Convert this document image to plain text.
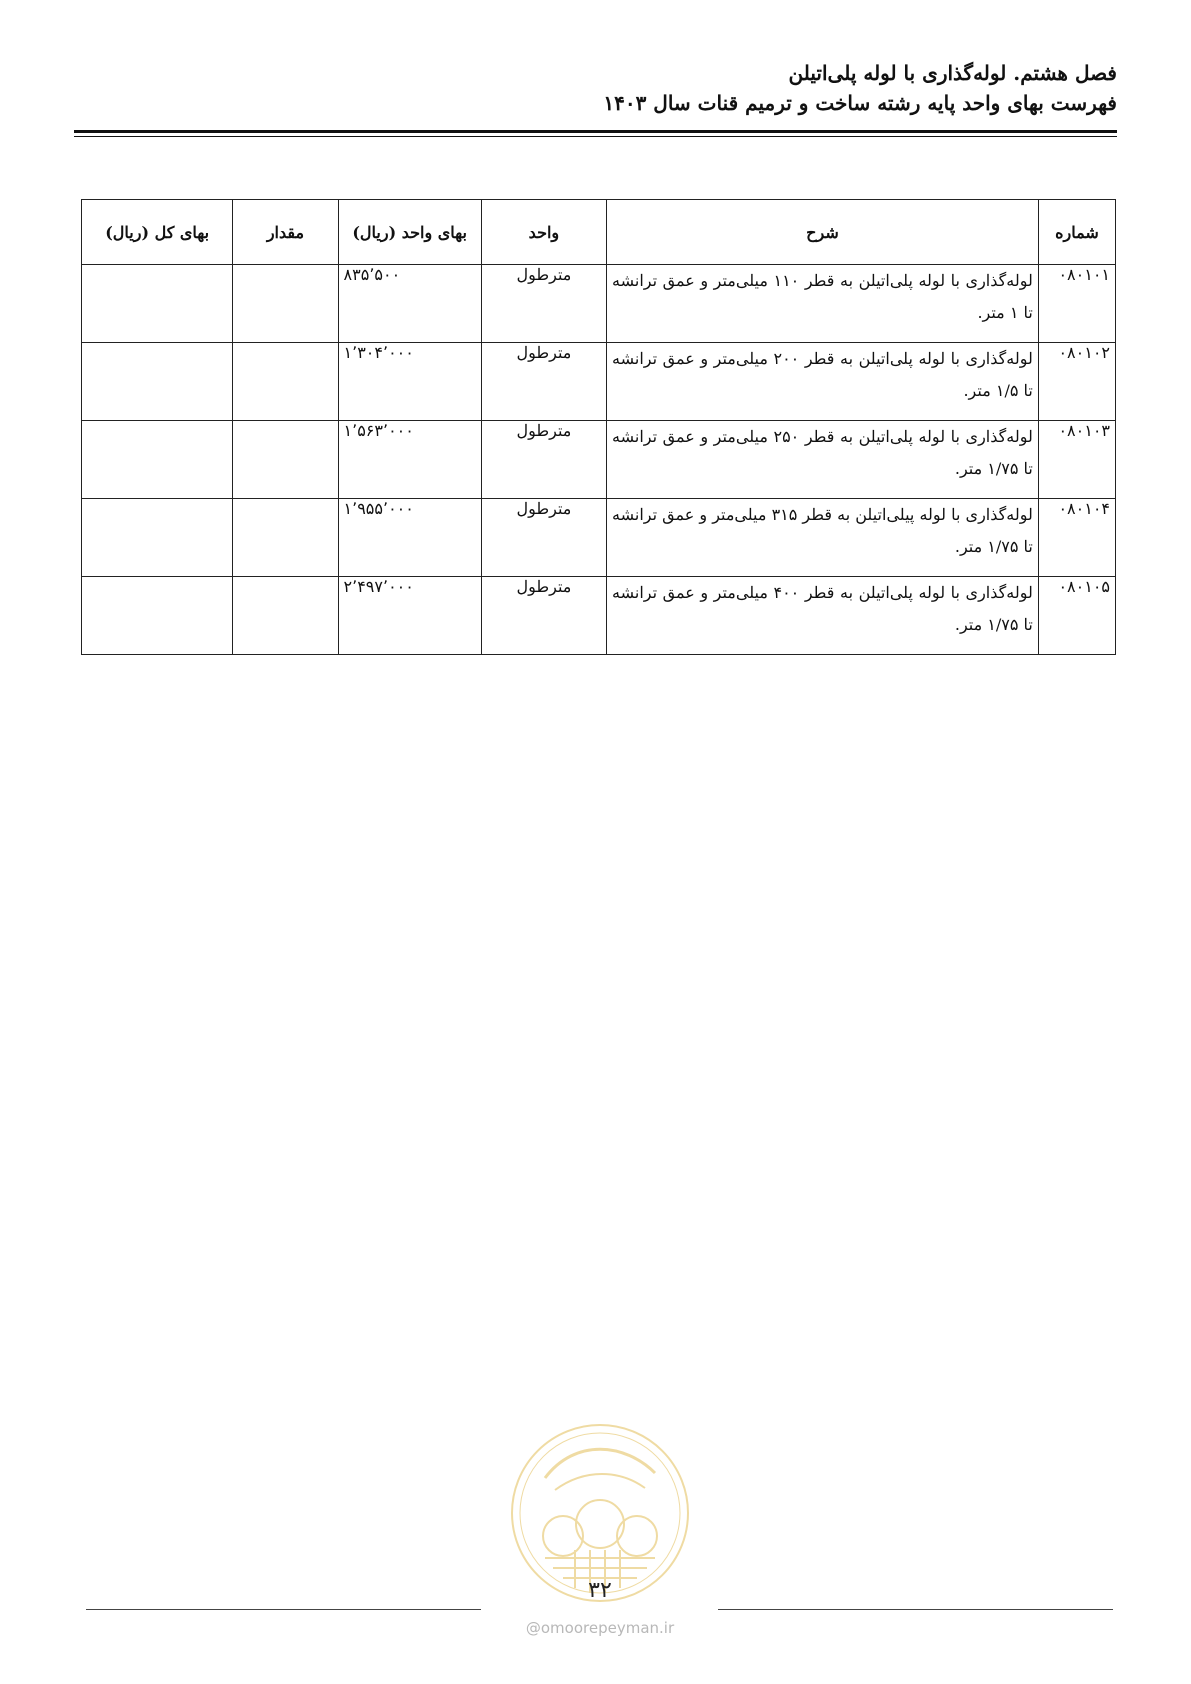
فصل هشتم. لوله‌گذاری با لوله پلی‌اتیلن
فهرست بهای واحد پایه رشته ساخت و ترمیم قنات سال ۱۴۰۳
شماره	شرح	واحد	بهای واحد (ریال)	مقدار	بهای کل (ریال)
۰۸۰۱۰۱	لوله‌گذاری با لوله پلی‌اتیلن به قطر ۱۱۰ میلی‌متر و عمق ترانشه تا ۱ متر.	مترطول	۸۳۵٬۵۰۰		
۰۸۰۱۰۲	لوله‌گذاری با لوله پلی‌اتیلن به قطر ۲۰۰ میلی‌متر و عمق ترانشه تا ۱/۵ متر.	مترطول	۱٬۳۰۴٬۰۰۰		
۰۸۰۱۰۳	لوله‌گذاری با لوله پلی‌اتیلن به قطر ۲۵۰ میلی‌متر و عمق ترانشه تا ۱/۷۵ متر.	مترطول	۱٬۵۶۳٬۰۰۰		
۰۸۰۱۰۴	لوله‌گذاری با لوله پیلی‌اتیلن به قطر ۳۱۵ میلی‌متر و عمق ترانشه تا ۱/۷۵ متر.	مترطول	۱٬۹۵۵٬۰۰۰		
۰۸۰۱۰۵	لوله‌گذاری با لوله پلی‌اتیلن به قطر ۴۰۰ میلی‌متر و عمق ترانشه تا ۱/۷۵ متر.	مترطول	۲٬۴۹۷٬۰۰۰		
۳۲
@omoorepeyman.ir
